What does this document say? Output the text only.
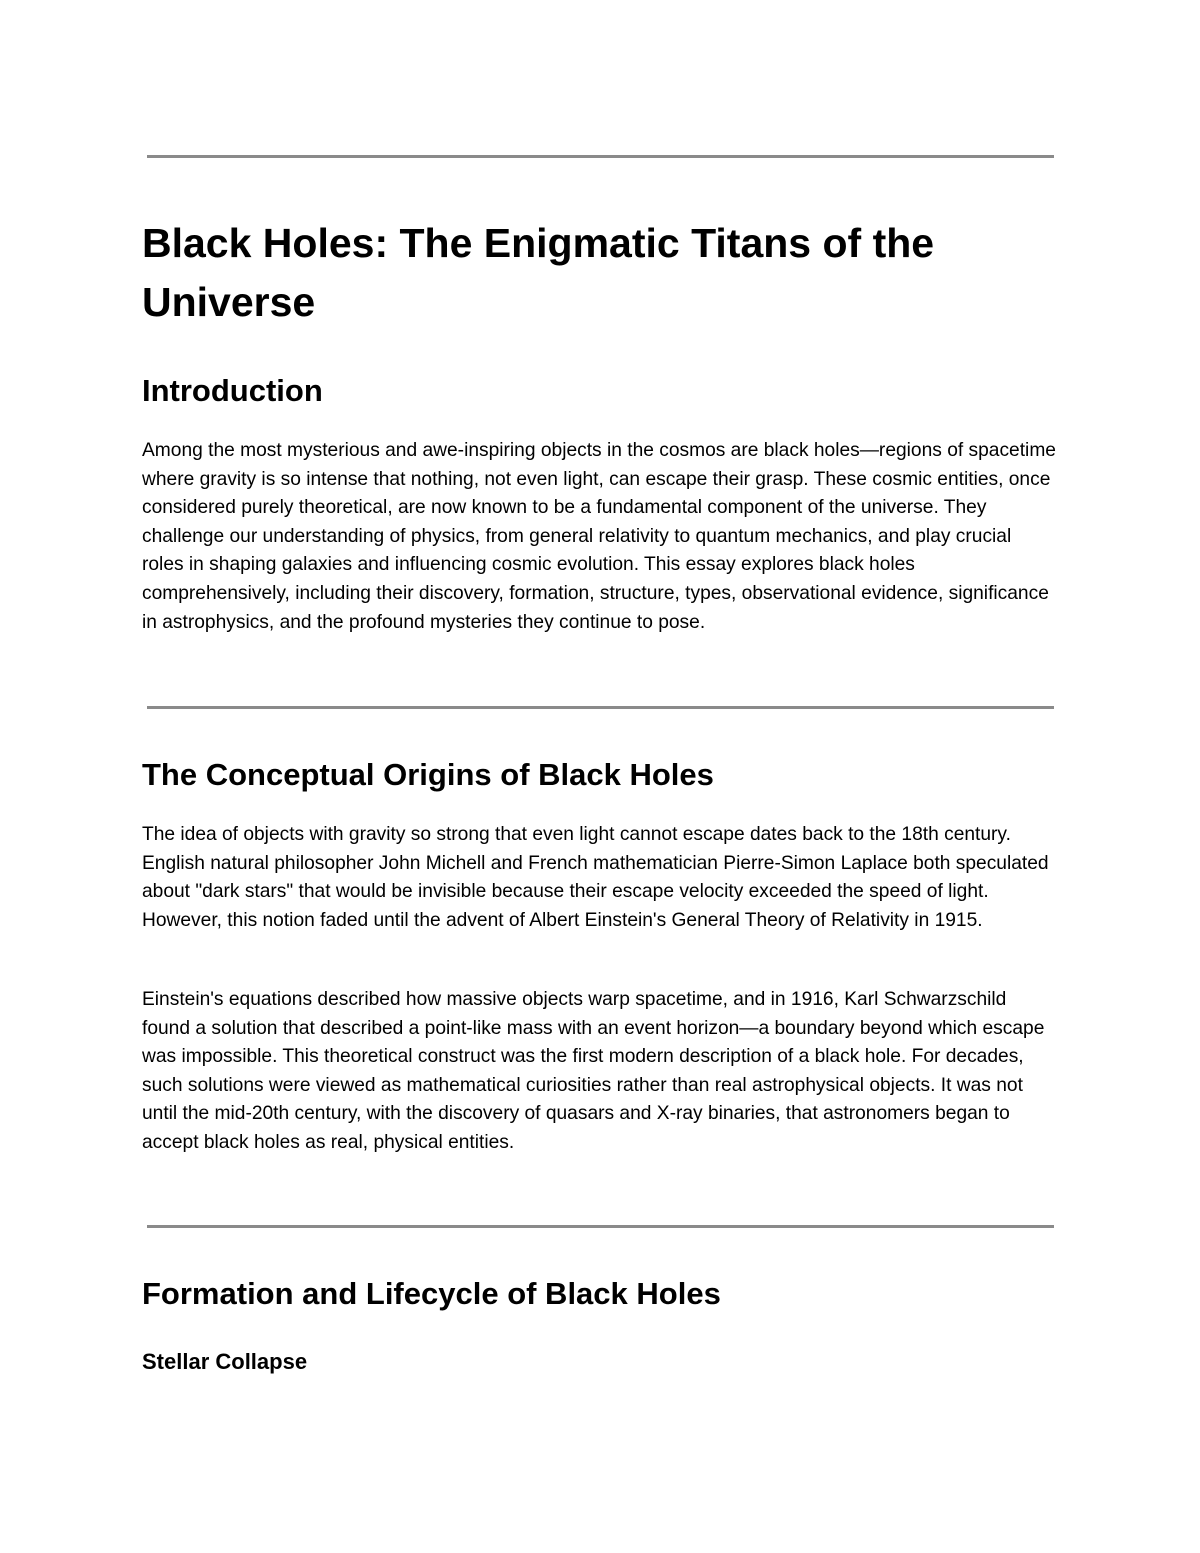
Black Holes: The Enigmatic Titans of the Universe
Introduction

Among the most mysterious and awe-inspiring objects in the cosmos are black holes—regions of spacetime where gravity is so intense that nothing, not even light, can escape their grasp. These cosmic entities, once considered purely theoretical, are now known to be a fundamental component of the universe. They challenge our understanding of physics, from general relativity to quantum mechanics, and play crucial roles in shaping galaxies and influencing cosmic evolution. This essay explores black holes comprehensively, including their discovery, formation, structure, types, observational evidence, significance in astrophysics, and the profound mysteries they continue to pose.

The Conceptual Origins of Black Holes

The idea of objects with gravity so strong that even light cannot escape dates back to the 18th century. English natural philosopher John Michell and French mathematician Pierre-Simon Laplace both speculated about "dark stars" that would be invisible because their escape velocity exceeded the speed of light. However, this notion faded until the advent of Albert Einstein's General Theory of Relativity in 1915.

Einstein's equations described how massive objects warp spacetime, and in 1916, Karl Schwarzschild found a solution that described a point-like mass with an event horizon—a boundary beyond which escape was impossible. This theoretical construct was the first modern description of a black hole. For decades, such solutions were viewed as mathematical curiosities rather than real astrophysical objects. It was not until the mid-20th century, with the discovery of quasars and X-ray binaries, that astronomers began to accept black holes as real, physical entities.

Formation and Lifecycle of Black Holes
Stellar Collapse
